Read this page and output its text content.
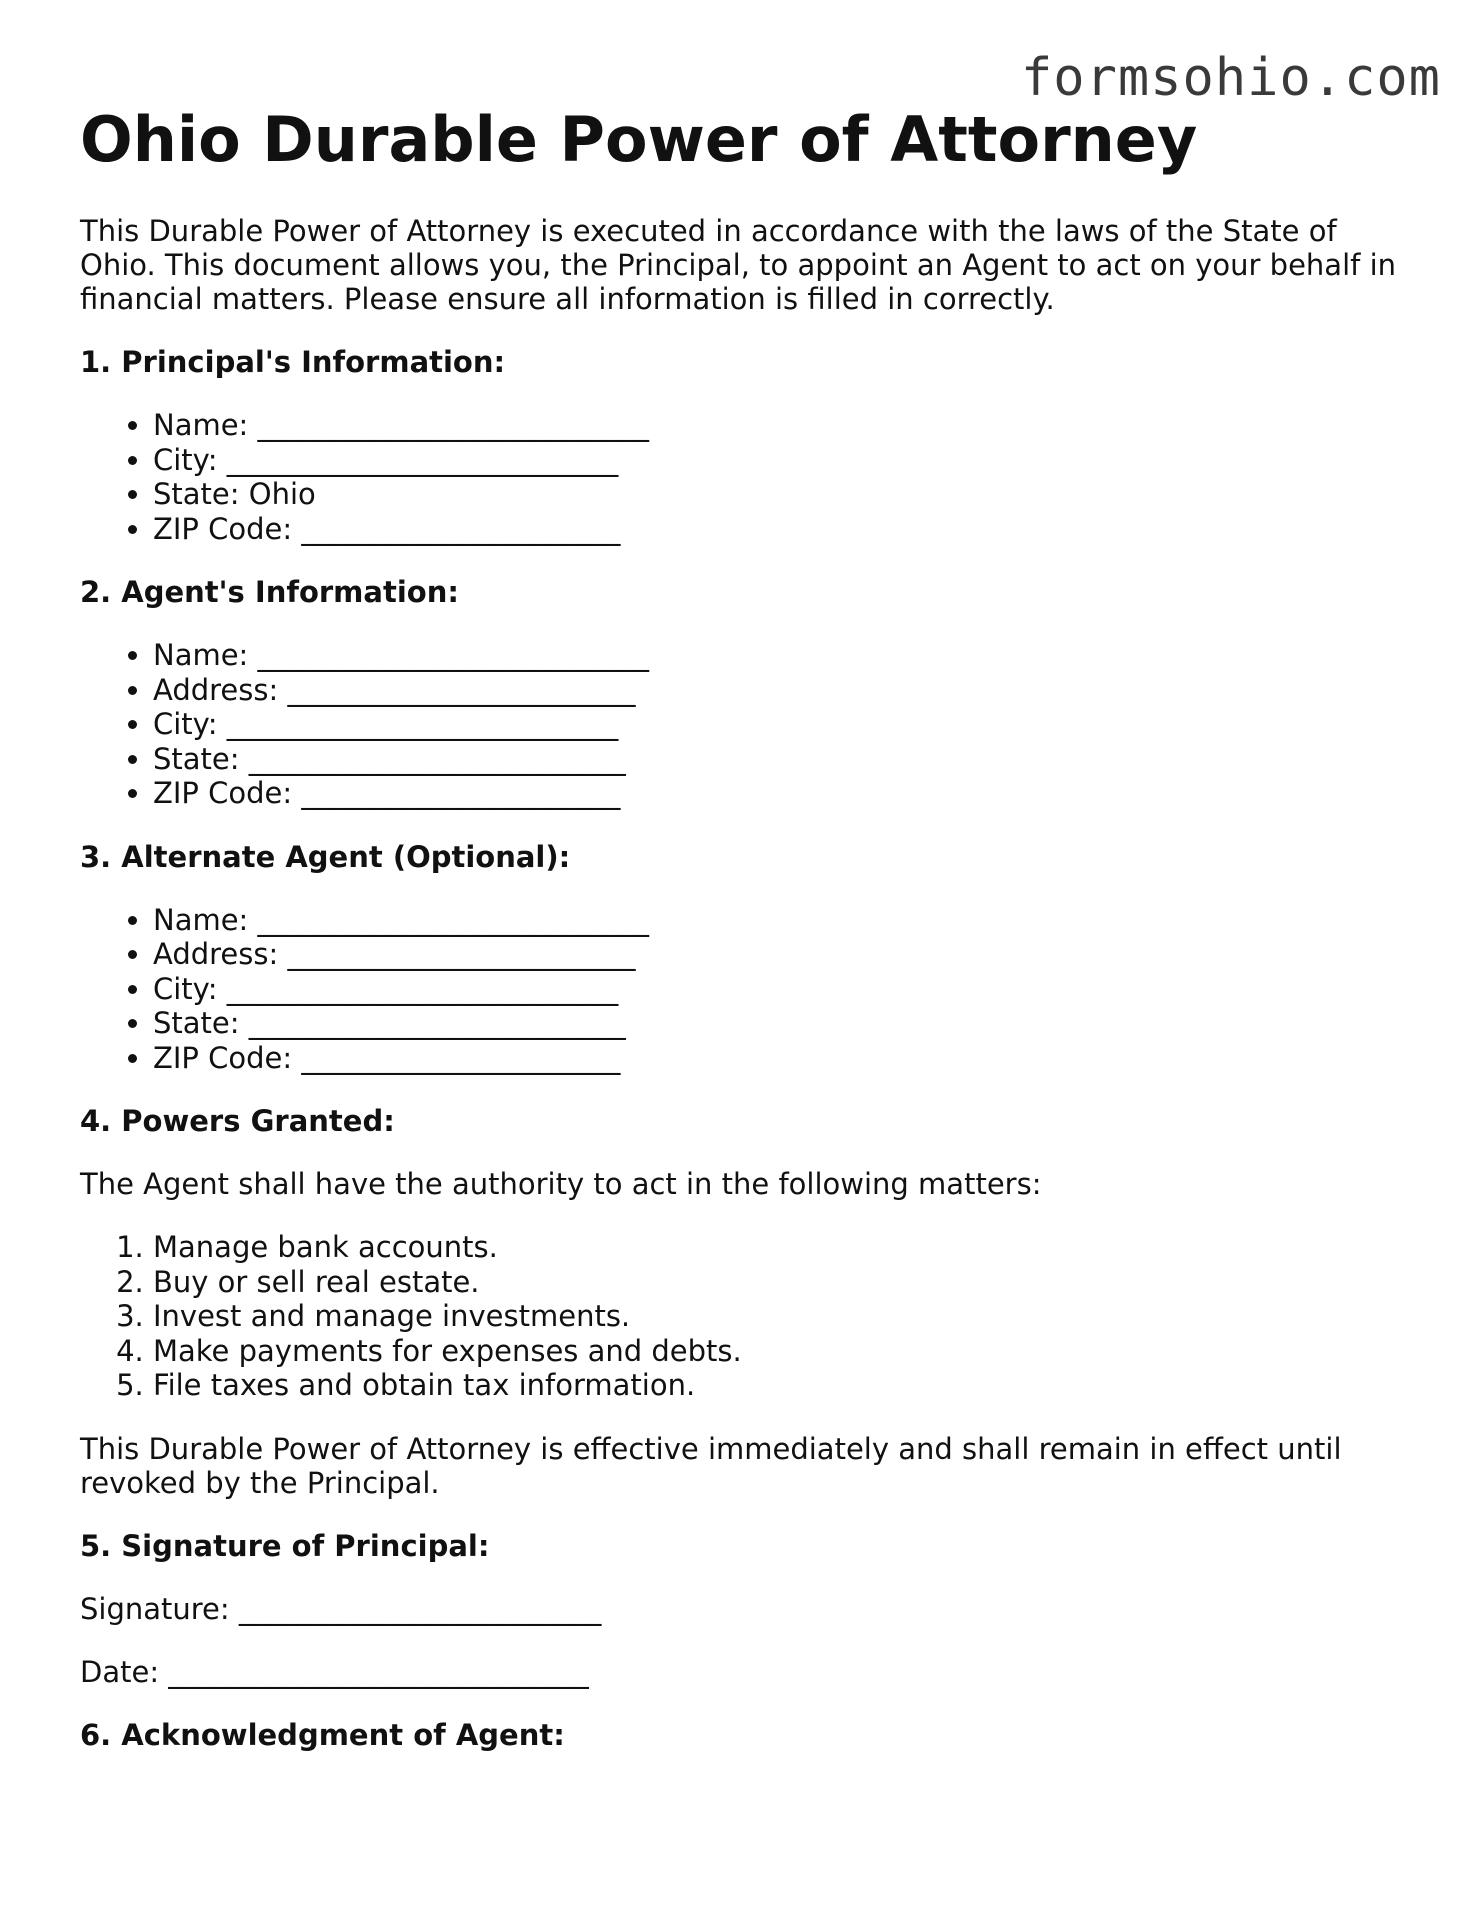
formsohio.com
Ohio Durable Power of Attorney

This Durable Power of Attorney is executed in accordance with the laws of the State of Ohio. This document allows you, the Principal, to appoint an Agent to act on your behalf in financial matters. Please ensure all information is filled in correctly.

1. Principal's Information:
• Name: ___________________________
• City: ___________________________
• State: Ohio
• ZIP Code: ______________________
2. Agent's Information:
• Name: ___________________________
• Address: ________________________
• City: ___________________________
• State: __________________________
• ZIP Code: ______________________
3. Alternate Agent (Optional):
• Name: ___________________________
• Address: ________________________
• City: ___________________________
• State: __________________________
• ZIP Code: ______________________
4. Powers Granted:

The Agent shall have the authority to act in the following matters:

1. Manage bank accounts.
2. Buy or sell real estate.
3. Invest and manage investments.
4. Make payments for expenses and debts.
5. File taxes and obtain tax information.

This Durable Power of Attorney is effective immediately and shall remain in effect until revoked by the Principal.

5. Signature of Principal:

Signature: _________________________

Date: _____________________________

6. Acknowledgment of Agent:
